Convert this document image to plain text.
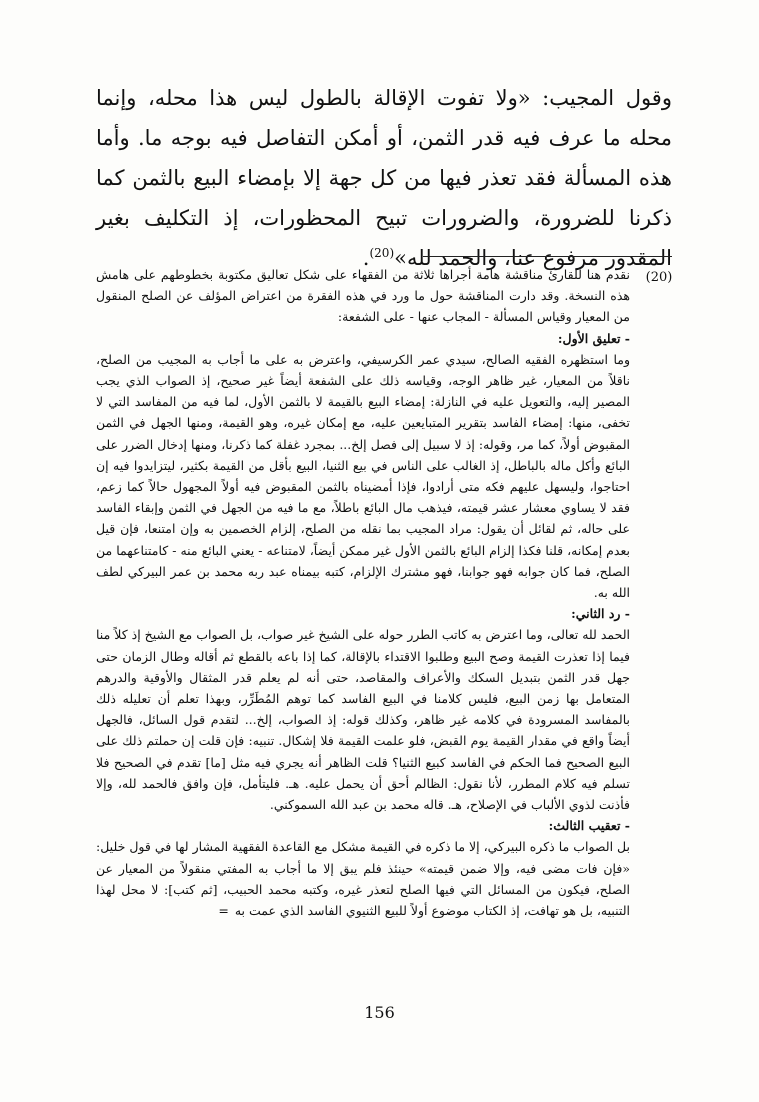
وقول المجيب: «ولا تفوت الإقالة بالطول ليس هذا محله، وإنما محله ما عرف فيه قدر الثمن، أو أمكن التفاصل فيه بوجه ما. وأما هذه المسألة فقد تعذر فيها من كل جهة إلا بإمضاء البيع بالثمن كما ذكرنا للضرورة، والضرورات تبيح المحظورات، إذ التكليف بغير المقدور مرفوع عنا، والحمد لله»$^{(20)}$.

(20)

نقدم هنا للقارئ مناقشة هامة أجراها ثلاثة من الفقهاء على شكل تعاليق مكتوبة بخطوطهم على هامش هذه النسخة. وقد دارت المناقشة حول ما ورد في هذه الفقرة من اعتراض المؤلف عن الصلح المنقول من المعيار وقياس المسألة - المجاب عنها - على الشفعة:

- تعليق الأول:

وما استظهره الفقيه الصالح، سيدي عمر الكرسيفي، واعترض به على ما أجاب به المجيب من الصلح، ناقلاً من المعيار، غير ظاهر الوجه، وقياسه ذلك على الشفعة أيضاً غير صحيح، إذ الصواب الذي يجب المصير إليه، والتعويل عليه في النازلة: إمضاء البيع بالقيمة لا بالثمن الأول، لما فيه من المفاسد التي لا تخفى، منها: إمضاء الفاسد بتقرير المتبايعين عليه، مع إمكان غيره، وهو القيمة، ومنها الجهل في الثمن المقبوض أولاً، كما مر، وقوله: إذ لا سبيل إلى فصل إلخ... بمجرد غفلة كما ذكرنا، ومنها إدخال الضرر على البائع وأكل ماله بالباطل، إذ الغالب على الناس في بيع الثنيا، البيع بأقل من القيمة بكثير، ليتزايدوا فيه إن احتاجوا، وليسهل عليهم فكه متى أرادوا، فإذا أمضيناه بالثمن المقبوض فيه أولاً المجهول حالاً كما زعم، فقد لا يساوي معشار عشر قيمته، فيذهب مال البائع باطلاً، مع ما فيه من الجهل في الثمن وإبقاء الفاسد على حاله، ثم لقائل أن يقول: مراد المجيب بما نقله من الصلح، إلزام الخصمين به وإن امتنعا، فإن قيل بعدم إمكانه، قلنا فكذا إلزام البائع بالثمن الأول غير ممكن أيضاً، لامتناعه - يعني البائع منه - كامتناعهما من الصلح، فما كان جوابه فهو جوابنا، فهو مشترك الإلزام، كتبه بيمناه عبد ربه محمد بن عمر البيركي لطف الله به.

- رد الثاني:

الحمد لله تعالى، وما اعترض به كاتب الطرر حوله على الشيخ غير صواب، بل الصواب مع الشيخ إذ كلاً منا فيما إذا تعذرت القيمة وصح البيع وطلبوا الاقتداء بالإقالة، كما إذا باعه بالقطع ثم أقاله وطال الزمان حتى جهل قدر الثمن بتبديل السكك والأعراف والمقاصد، حتى أنه لم يعلم قدر المثقال والأوقية والدرهم المتعامل بها زمن البيع، فليس كلامنا في البيع الفاسد كما توهم المُطَرِّر، وبهذا تعلم أن تعليله ذلك بالمفاسد المسرودة في كلامه غير ظاهر، وكذلك قوله: إذ الصواب، إلخ... لتقدم قول السائل، فالجهل أيضاً واقع في مقدار القيمة يوم القبض، فلو علمت القيمة فلا إشكال. تنبيه: فإن قلت إن حملتم ذلك على البيع الصحيح فما الحكم في الفاسد كبيع الثنيا؟ قلت الظاهر أنه يجري فيه مثل [ما] تقدم في الصحيح فلا تسلم فيه كلام المطرر، لأنا نقول: الظالم أحق أن يحمل عليه. هـ. فليتأمل، فإن وافق فالحمد لله، وإلا فأذنت لذوي الألباب في الإصلاح، هـ. قاله محمد بن عبد الله السموكني.

- تعقيب الثالث:

بل الصواب ما ذكره البيركي، إلا ما ذكره في القيمة مشكل مع القاعدة الفقهية المشار لها في قول خليل: «فإن فات مضى فيه، وإلا ضمن قيمته» حينئذ فلم يبق إلا ما أجاب به المفتي منقولاً من المعيار عن الصلح، فيكون من المسائل التي فيها الصلح لتعذر غيره، وكتبه محمد الحبيب، [ثم كتب]: لا محل لهذا التنبيه، بل هو تهافت، إذ الكتاب موضوع أولاً للبيع الثنيوي الفاسد الذي عمت به=

156
